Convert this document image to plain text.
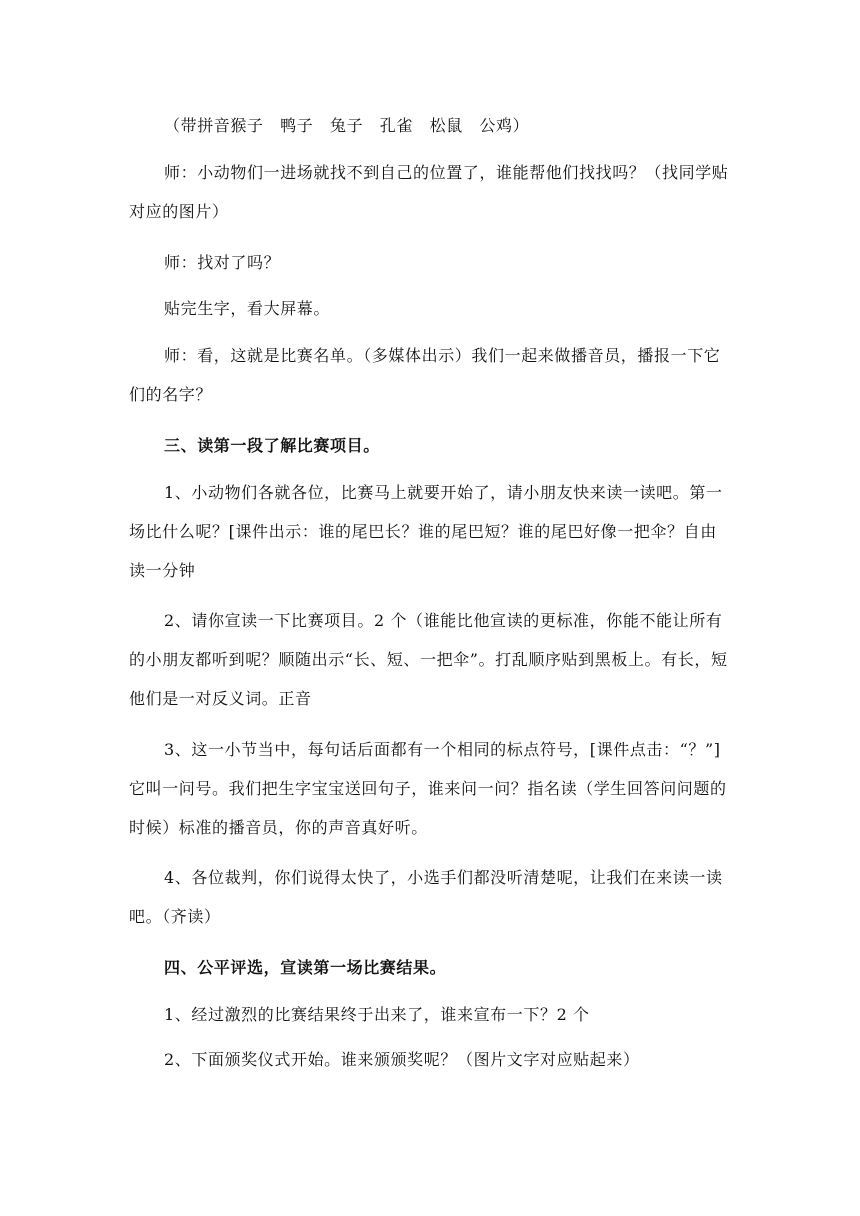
（带拼音猴子　鸭子　兔子　孔雀　松鼠　公鸡）

师：小动物们一进场就找不到自己的位置了，谁能帮他们找找吗？（找同学贴对应的图片）

师：找对了吗？

贴完生字，看大屏幕。

师：看，这就是比赛名单。（多媒体出示）我们一起来做播音员，播报一下它们的名字？

三、读第一段了解比赛项目。

1、小动物们各就各位，比赛马上就要开始了，请小朋友快来读一读吧。第一场比什么呢？[课件出示：谁的尾巴长？谁的尾巴短？谁的尾巴好像一把伞？自由读一分钟

2、请你宣读一下比赛项目。2 个（谁能比他宣读的更标准，你能不能让所有的小朋友都听到呢？顺随出示“长、短、一把伞”。打乱顺序贴到黑板上。有长，短他们是一对反义词。正音

3、这一小节当中，每句话后面都有一个相同的标点符号，[课件点击：“？”]它叫一问号。我们把生字宝宝送回句子，谁来问一问？指名读（学生回答问问题的时候）标准的播音员，你的声音真好听。

4、各位裁判，你们说得太快了，小选手们都没听清楚呢，让我们在来读一读吧。（齐读）

四、公平评选，宣读第一场比赛结果。

1、经过激烈的比赛结果终于出来了，谁来宣布一下？2 个

2、下面颁奖仪式开始。谁来颁颁奖呢？（图片文字对应贴起来）
